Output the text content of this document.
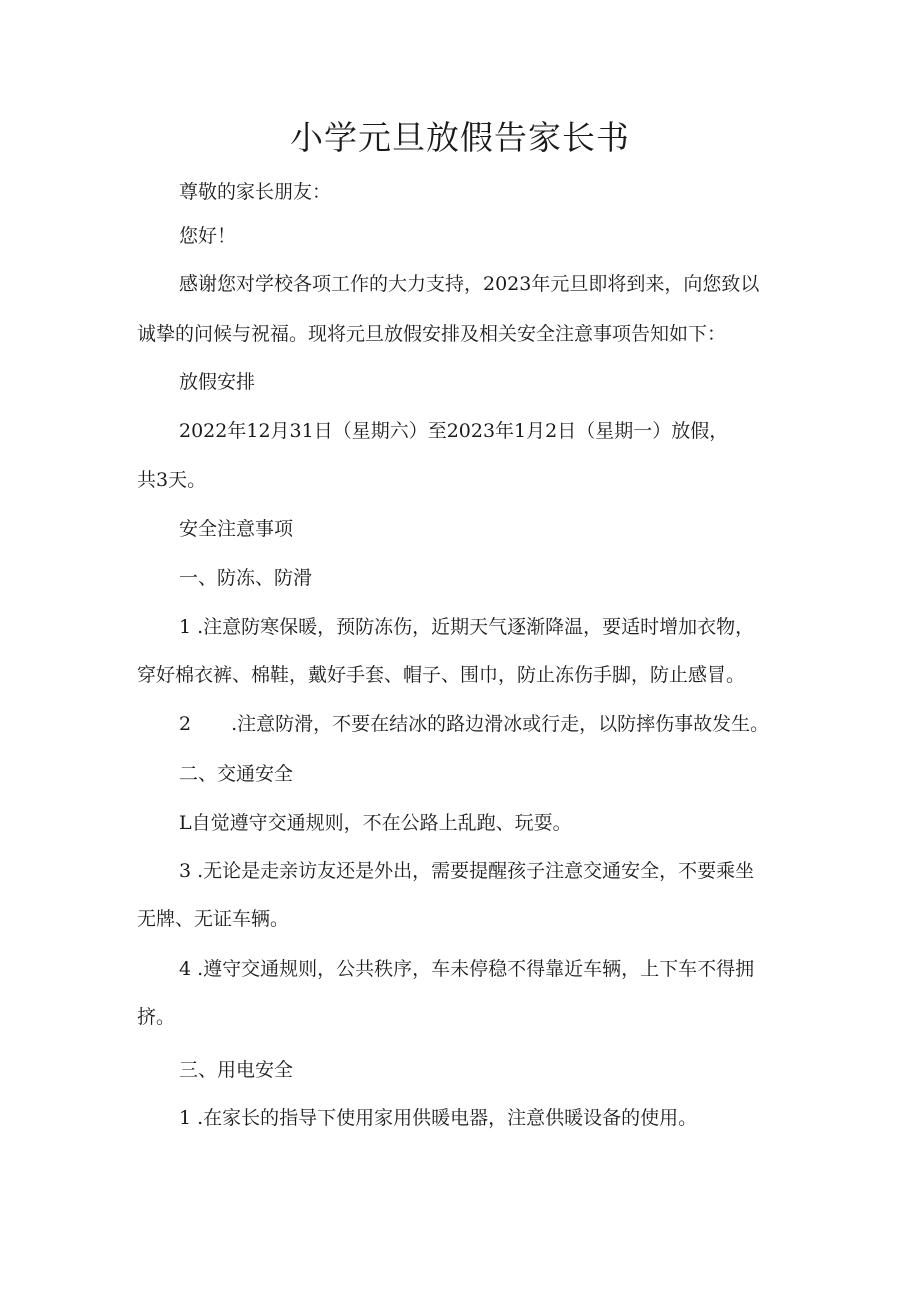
小学元旦放假告家长书

尊敬的家长朋友：

您好！

感谢您对学校各项工作的大力支持，2023年元旦即将到来，向您致以

诚挚的问候与祝福。现将元旦放假安排及相关安全注意事项告知如下：

放假安排

2022年12月31日（星期六）至2023年1月2日（星期一）放假，

共3天。

安全注意事项

一、防冻、防滑

1 .注意防寒保暖，预防冻伤，近期天气逐渐降温，要适时增加衣物，

穿好棉衣裤、棉鞋，戴好手套、帽子、围巾，防止冻伤手脚，防止感冒。

2 .注意防滑，不要在结冰的路边滑冰或行走，以防摔伤事故发生。

二、交通安全

L自觉遵守交通规则，不在公路上乱跑、玩耍。

3 .无论是走亲访友还是外出，需要提醒孩子注意交通安全，不要乘坐

无牌、无证车辆。

4 .遵守交通规则，公共秩序，车未停稳不得靠近车辆，上下车不得拥

挤。

三、用电安全

1 .在家长的指导下使用家用供暖电器，注意供暖设备的使用。
